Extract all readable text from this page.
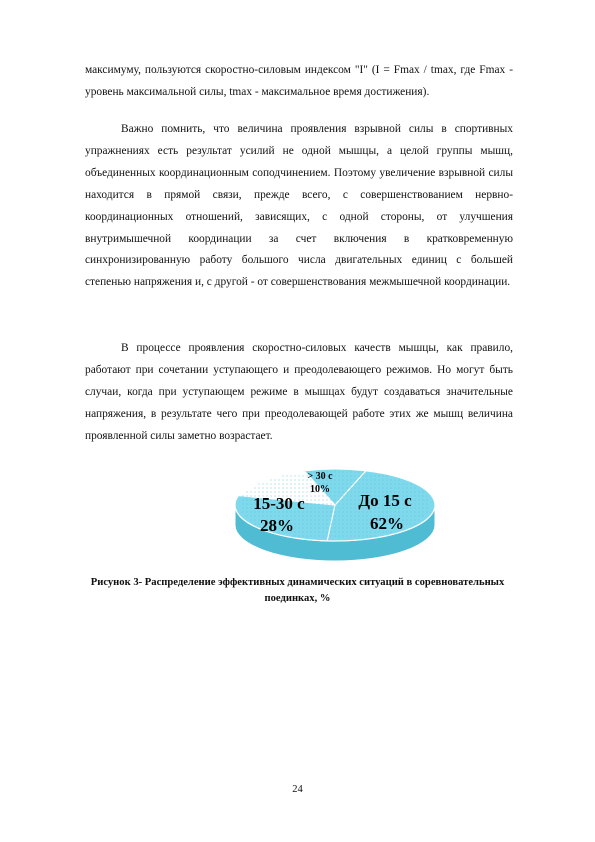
максимуму, пользуются скоростно-силовым индексом "I" (I = Fmax / tmax, где Fmax - уровень максимальной силы, tmax - максимальное время достижения).

Важно помнить, что величина проявления взрывной силы в спортивных упражнениях есть результат усилий не одной мышцы, а целой группы мышц, объединенных координационным соподчинением. Поэтому увеличение взрывной силы находится в прямой связи, прежде всего, с совершенствованием нервно-координационных отношений, зависящих, с одной стороны, от улучшения внутримышечной координации за счет включения в кратковременную синхронизированную работу большого числа двигательных единиц с большей степенью напряжения и, с другой - от совершенствования межмышечной координации.

В процессе проявления скоростно-силовых качеств мышцы, как правило, работают при сочетании уступающего и преодолевающего режимов. Но могут быть случаи, когда при уступающем режиме в мышцах будут создаваться значительные напряжения, в результате чего при преодолевающей работе этих же мышц величина проявленной силы заметно возрастает.

До 15 с
62%
15-30 с
28%
> 30 с
10%
Рисунок 3- Распределение эффективных динамических ситуаций в соревновательных поединках, %
24
